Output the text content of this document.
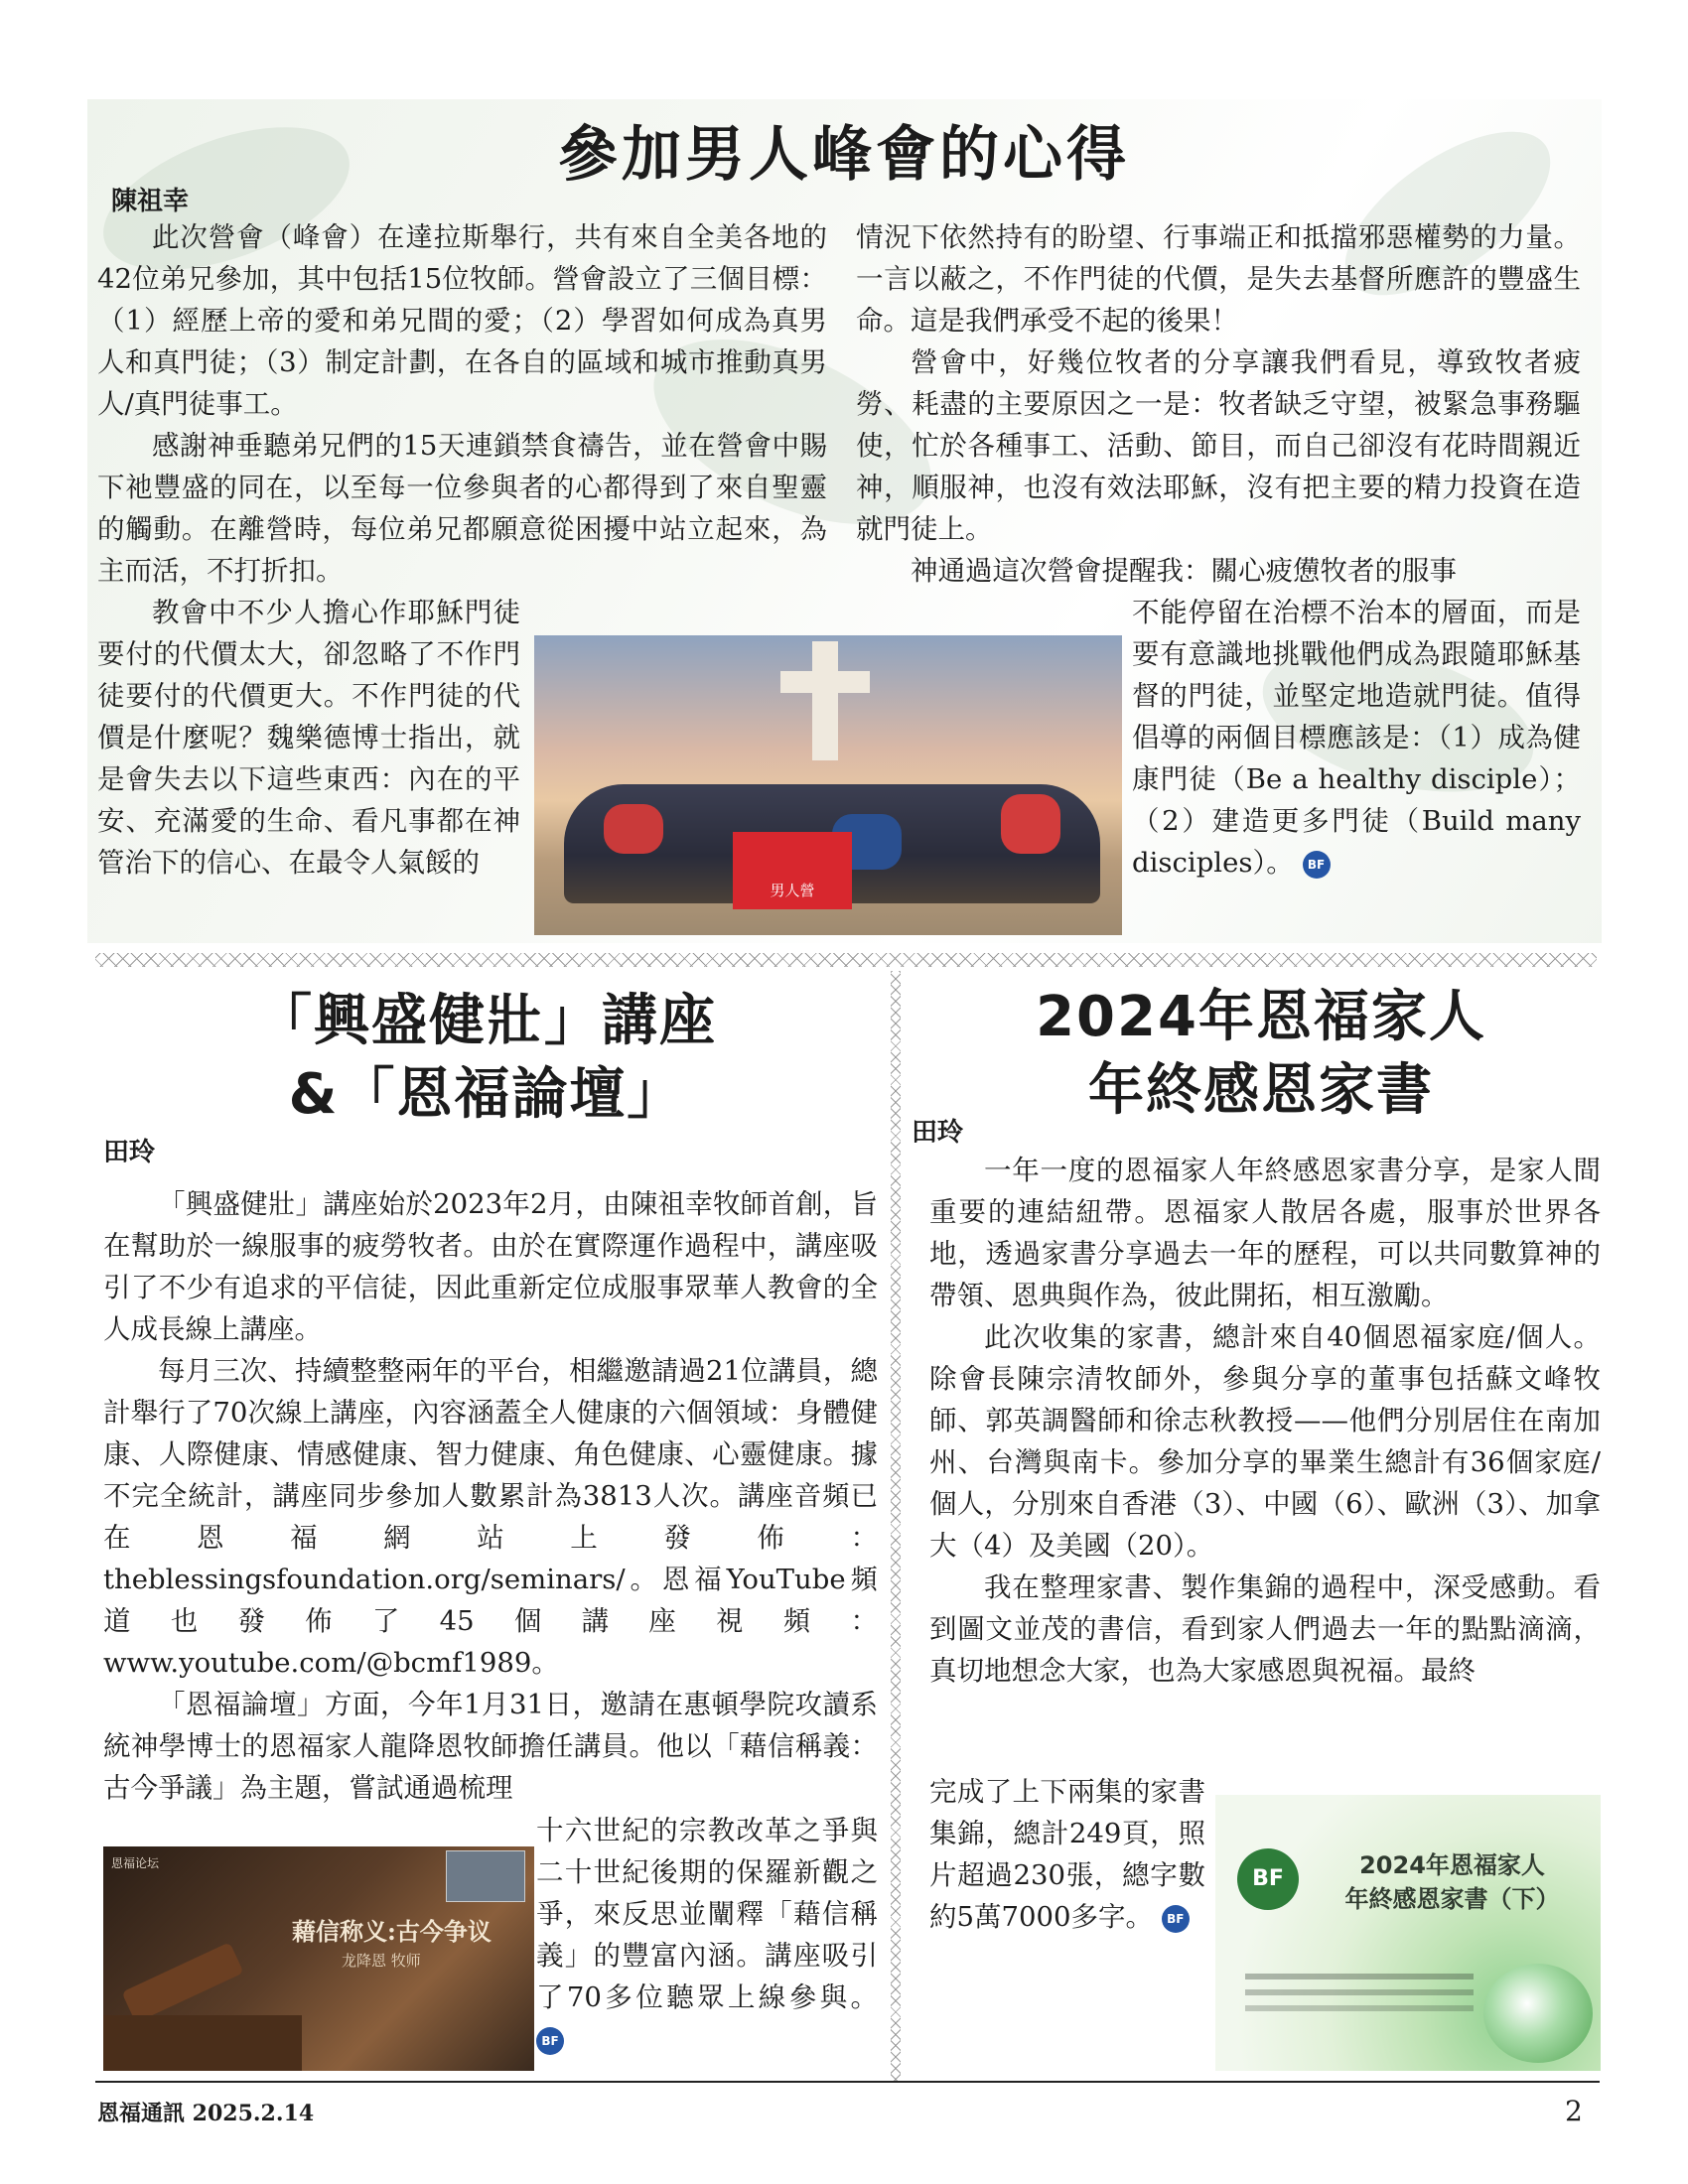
參加男人峰會的心得
陳祖幸

此次營會（峰會）在達拉斯舉行，共有來自全美各地的42位弟兄參加，其中包括15位牧師。營會設立了三個目標：（1）經歷上帝的愛和弟兄間的愛；（2）學習如何成為真男人和真門徒；（3）制定計劃，在各自的區域和城市推動真男人/真門徒事工。

感謝神垂聽弟兄們的15天連鎖禁食禱告，並在營會中賜下祂豐盛的同在，以至每一位參與者的心都得到了來自聖靈的觸動。在離營時，每位弟兄都願意從困擾中站立起來，為主而活，不打折扣。

教會中不少人擔心作耶穌門徒要付的代價太大，卻忽略了不作門徒要付的代價更大。不作門徒的代價是什麼呢？魏樂德博士指出，就是會失去以下這些東西：內在的平安、充滿愛的生命、看凡事都在神管治下的信心、在最令人氣餒的

情況下依然持有的盼望、行事端正和抵擋邪惡權勢的力量。 一言以蔽之，不作門徒的代價，是失去基督所應許的豐盛生命。這是我們承受不起的後果！

營會中，好幾位牧者的分享讓我們看見，導致牧者疲勞、耗盡的主要原因之一是：牧者缺乏守望，被緊急事務驅使，忙於各種事工、活動、節目，而自己卻沒有花時間親近神，順服神，也沒有效法耶穌，沒有把主要的精力投資在造就門徒上。

神通過這次營會提醒我：關心疲憊牧者的服事

不能停留在治標不治本的層面，而是要有意識地挑戰他們成為跟隨耶穌基督的門徒，並堅定地造就門徒。值得倡導的兩個目標應該是：（1）成為健康門徒（Be a healthy disciple）；（2）建造更多門徒（Build many disciples）。 BF

男人營
「興盛健壯」講座
&「恩福論壇」
田玲

「興盛健壯」講座始於2023年2月，由陳祖幸牧師首創，旨在幫助於一線服事的疲勞牧者。由於在實際運作過程中，講座吸引了不少有追求的平信徒，因此重新定位成服事眾華人教會的全人成長線上講座。

每月三次、持續整整兩年的平台，相繼邀請過21位講員，總計舉行了70次線上講座，內容涵蓋全人健康的六個領域：身體健康、人際健康、情感健康、智力健康、角色健康、心靈健康。據不完全統計，講座同步參加人數累計為3813人次。講座音頻已在恩福網站上發佈：theblessingsfoundation.org/seminars/。恩福YouTube頻道也發佈了45個講座視頻：www.youtube.com/@bcmf1989。

「恩福論壇」方面，今年1月31日，邀請在惠頓學院攻讀系統神學博士的恩福家人龍降恩牧師擔任講員。他以「藉信稱義：古今爭議」為主題，嘗試通過梳理

十六世紀的宗教改革之爭與二十世紀後期的保羅新觀之爭，來反思並闡釋「藉信稱義」的豐富內涵。講座吸引了70多位聽眾上線參與。 BF

恩福论坛
藉信称义:古今争议
龙降恩 牧师
2024年恩福家人
年終感恩家書
田玲

一年一度的恩福家人年終感恩家書分享，是家人間重要的連結紐帶。恩福家人散居各處，服事於世界各地，透過家書分享過去一年的歷程，可以共同數算神的帶領、恩典與作為，彼此開拓，相互激勵。

此次收集的家書，總計來自40個恩福家庭/個人。除會長陳宗清牧師外，參與分享的董事包括蘇文峰牧師、郭英調醫師和徐志秋教授——他們分別居住在南加州、台灣與南卡。參加分享的畢業生總計有36個家庭/個人，分別來自香港（3）、中國（6）、歐洲（3）、加拿大（4）及美國（20）。

我在整理家書、製作集錦的過程中，深受感動。看到圖文並茂的書信，看到家人們過去一年的點點滴滴，真切地想念大家，也為大家感恩與祝福。最終

完成了上下兩集的家書集錦，總計249頁，照片超過230張，總字數約5萬7000多字。 BF

BF	2024年恩福家人
年終感恩家書（下）
恩福通訊 2025.2.14	2
